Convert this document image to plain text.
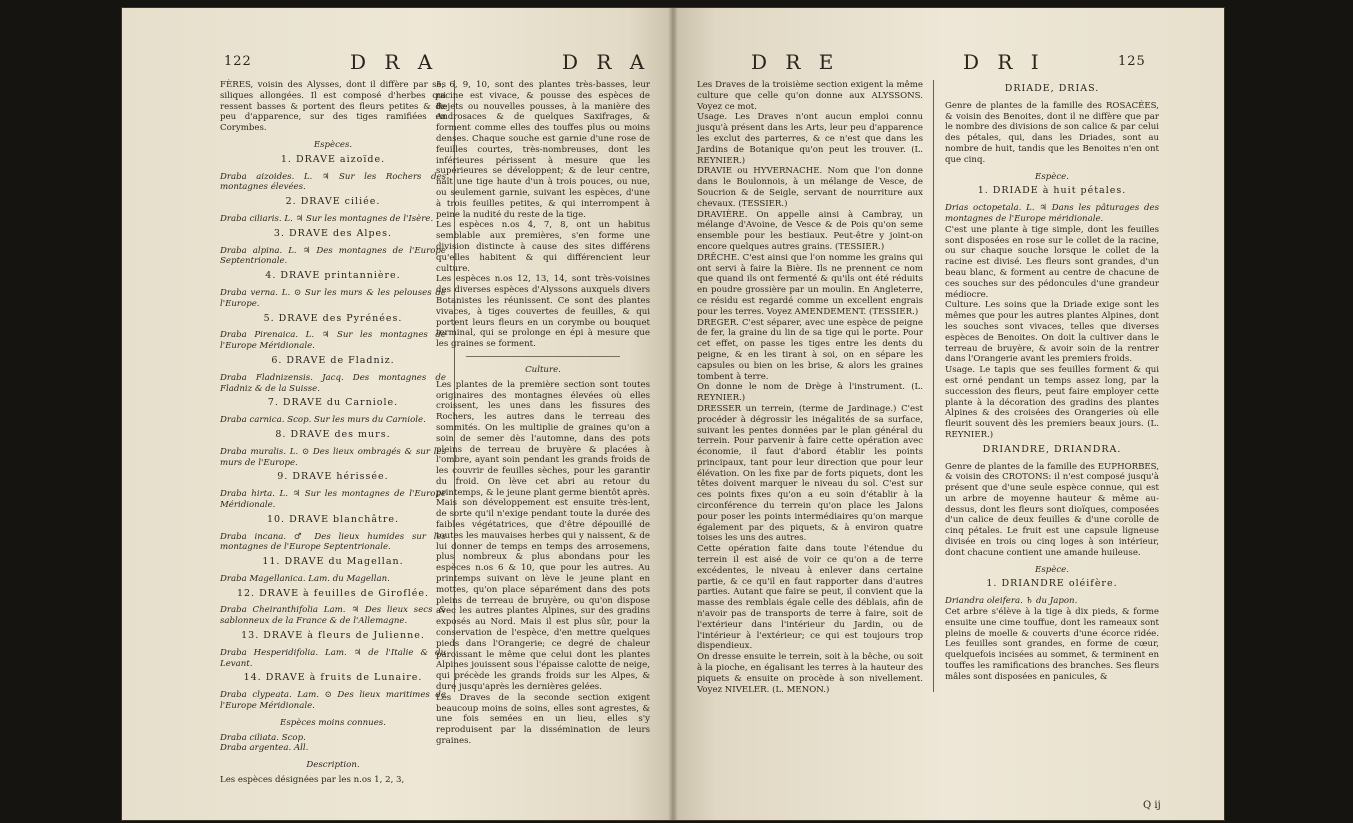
122	D R A	D R A

FÈRES, voisin des Alysses, dont il diffère par ses siliques allongées. Il est composé d'herbes qui ressent basses & portent des fleurs petites & de peu d'apparence, sur des tiges ramifiées en Corymbes.

Espèces.

1. DRAVE aizoïde.

Draba aizoides. L. ♃ Sur les Rochers des montagnes élevées.

2. DRAVE ciliée.

Draba ciliaris. L. ♃ Sur les montagnes de l'Isère.

3. DRAVE des Alpes.

Draba alpina. L. ♃ Des montagnes de l'Europe Septentrionale.

4. DRAVE printannière.

Draba verna. L. ⊙ Sur les murs & les pelouses de l'Europe.

5. DRAVE des Pyrénées.

Draba Pirenaica. L. ♃ Sur les montagnes de l'Europe Méridionale.

6. DRAVE de Fladniz.

Draba Fladnizensis. Jacq. Des montagnes de Fladniz & de la Suisse.

7. DRAVE du Carniole.

Draba carnica. Scop. Sur les murs du Carniole.

8. DRAVE des murs.

Draba muralis. L. ⊙ Des lieux ombragés & sur les murs de l'Europe.

9. DRAVE hérissée.

Draba hirta. L. ♃ Sur les montagnes de l'Europe Méridionale.

10. DRAVE blanchâtre.

Draba incana. ♂ Des lieux humides sur les montagnes de l'Europe Septentrionale.

11. DRAVE du Magellan.

Draba Magellanica. Lam. du Magellan.

12. DRAVE à feuilles de Giroflée.

Draba Cheiranthifolia Lam. ♃ Des lieux secs & sablonneux de la France & de l'Allemagne.

13. DRAVE à fleurs de Julienne.

Draba Hesperidifolia. Lam. ♃ de l'Italie & du Levant.

14. DRAVE à fruits de Lunaire.

Draba clypeata. Lam. ⊙ Des lieux maritimes de l'Europe Méridionale.

Espèces moins connues.

Draba ciliata. Scop.

Draba argentea. All.

Description.

Les espèces désignées par les n.os 1, 2, 3,

5, 6, 9, 10, sont des plantes très-basses, leur racine est vivace, & pousse des espèces de Rejets ou nouvelles pousses, à la manière des Androsaces & de quelques Saxifrages, & forment comme elles des touffes plus ou moins denses. Chaque souche est garnie d'une rose de feuilles courtes, très-nombreuses, dont les inférieures périssent à mesure que les supérieures se développent; & de leur centre, naît une tige haute d'un à trois pouces, ou nue, ou seulement garnie, suivant les espèces, d'une à trois feuilles petites, & qui interrompent à peine la nudité du reste de la tige.

Les espèces n.os 4, 7, 8, ont un habitus semblable aux premières, s'en forme une division distincte à cause des sites différens qu'elles habitent & qui différencient leur culture.

Les espèces n.os 12, 13, 14, sont très-voisines des diverses espèces d'Alyssons auxquels divers Botanistes les réunissent. Ce sont des plantes vivaces, à tiges couvertes de feuilles, & qui portent leurs fleurs en un corymbe ou bouquet terminal, qui se prolonge en épi à mesure que les graines se forment.

Culture.

Les plantes de la première section sont toutes originaires des montagnes élevées où elles croissent, les unes dans les fissures des Rochers, les autres dans le terreau des sommités. On les multiplie de graines qu'on a soin de semer dès l'automne, dans des pots pleins de terreau de bruyère & placées à l'ombre, ayant soin pendant les grands froids de les couvrir de feuilles sèches, pour les garantir du froid. On lève cet abri au retour du printemps, & le jeune plant germe bientôt après. Mais son développement est ensuite très-lent, de sorte qu'il n'exige pendant toute la durée des faibles végétatrices, que d'être dépouillé de toutes les mauvaises herbes qui y naissent, & de lui donner de temps en temps des arrosemens, plus nombreux & plus abondans pour les espèces n.os 6 & 10, que pour les autres. Au printemps suivant on lève le jeune plant en mottes, qu'on place séparément dans des pots pleins de terreau de bruyère, ou qu'on dispose avec les autres plantes Alpines, sur des gradins exposés au Nord. Mais il est plus sûr, pour la conservation de l'espèce, d'en mettre quelques pieds dans l'Orangerie; ce degré de chaleur paroissant le même que celui dont les plantes Alpines jouissent sous l'épaisse calotte de neige, qui précède les grands froids sur les Alpes, & dure jusqu'après les dernières gelées.

Les Draves de la seconde section exigent beaucoup moins de soins, elles sont agrestes, & une fois semées en un lieu, elles s'y reproduisent par la dissémination de leurs graines.

D R E	D R I	125

Les Draves de la troisième section exigent la même culture que celle qu'on donne aux ALYSSONS. Voyez ce mot.

Usage. Les Draves n'ont aucun emploi connu jusqu'à présent dans les Arts, leur peu d'apparence les exclut des parterres, & ce n'est que dans les Jardins de Botanique qu'on peut les trouver. (L. REYNIER.)

DRAVIE ou HYVERNACHE. Nom que l'on donne dans le Boulonnois, à un mélange de Vesce, de Soucrion & de Seigle, servant de nourriture aux chevaux. (TESSIER.)

DRAVIÈRE. On appelle ainsi à Cambray, un mélange d'Avoine, de Vesce & de Pois qu'on seme ensemble pour les bestiaux. Peut-être y joint-on encore quelques autres grains. (TESSIER.)

DRÊCHE. C'est ainsi que l'on nomme les grains qui ont servi à faire la Bière. Ils ne prennent ce nom que quand ils ont fermenté & qu'ils ont été réduits en poudre grossière par un moulin. En Angleterre, ce résidu est regardé comme un excellent engrais pour les terres. Voyez AMENDEMENT. (TESSIER.)

DREGER. C'est séparer, avec une espèce de peigne de fer, la graine du lin de sa tige qui le porte. Pour cet effet, on passe les tiges entre les dents du peigne, & en les tirant à soi, on en sépare les capsules ou bien on les brise, & alors les graines tombent à terre.

On donne le nom de Drège à l'instrument. (L. REYNIER.)

DRESSER un terrein, (terme de Jardinage.) C'est procéder à dégrossir les inégalités de sa surface, suivant les pentes données par le plan général du terrein. Pour parvenir à faire cette opération avec économie, il faut d'abord établir les points principaux, tant pour leur direction que pour leur élévation. On les fixe par de forts piquets, dont les têtes doivent marquer le niveau du sol. C'est sur ces points fixes qu'on a eu soin d'établir à la circonférence du terrein qu'on place les Jalons pour poser les points intermédiaires qu'on marque également par des piquets, & à environ quatre toises les uns des autres.

Cette opération faite dans toute l'étendue du terrein il est aisé de voir ce qu'on a de terre excédentes, le niveau à enlever dans certaine partie, & ce qu'il en faut rapporter dans d'autres parties. Autant que faire se peut, il convient que la masse des remblais égale celle des déblais, afin de n'avoir pas de transports de terre à faire, soit de l'extérieur dans l'intérieur du Jardin, ou de l'intérieur à l'extérieur; ce qui est toujours trop dispendieux.

On dresse ensuite le terrein, soit à la bêche, ou soit à la pioche, en égalisant les terres à la hauteur des piquets & ensuite on procède à son nivellement. Voyez NIVELER. (L. MENON.)

DRIADE, DRIAS.

Genre de plantes de la famille des ROSACÉES, & voisin des Benoites, dont il ne diffère que par le nombre des divisions de son calice & par celui des pétales, qui, dans les Driades, sont au nombre de huit, tandis que les Benoites n'en ont que cinq.

Espèce.

1. DRIADE à huit pétales.

Drias octopetala. L. ♃ Dans les pâturages des montagnes de l'Europe méridionale.

C'est une plante à tige simple, dont les feuilles sont disposées en rose sur le collet de la racine, ou sur chaque souche lorsque le collet de la racine est divisé. Les fleurs sont grandes, d'un beau blanc, & forment au centre de chacune de ces souches sur des pédoncules d'une grandeur médiocre.

Culture. Les soins que la Driade exige sont les mêmes que pour les autres plantes Alpines, dont les souches sont vivaces, telles que diverses espèces de Benoites. On doit la cultiver dans le terreau de bruyère, & avoir soin de la rentrer dans l'Orangerie avant les premiers froids.

Usage. Le tapis que ses feuilles forment & qui est orné pendant un temps assez long, par la succession des fleurs, peut faire employer cette plante à la décoration des gradins des plantes Alpines & des croisées des Orangeries où elle fleurit souvent dès les premiers beaux jours. (L. REYNIER.)

DRIANDRE, DRIANDRA.

Genre de plantes de la famille des EUPHORBES, & voisin des CROTONS: il n'est composé jusqu'à présent que d'une seule espèce connue, qui est un arbre de moyenne hauteur & même au-dessus, dont les fleurs sont dioïques, composées d'un calice de deux feuilles & d'une corolle de cinq pétales. Le fruit est une capsule ligneuse divisée en trois ou cinq loges à son intérieur, dont chacune contient une amande huileuse.

Espèce.

1. DRIANDRE oléifère.

Driandra oleifera. ♄ du Japon.

Cet arbre s'élève à la tige à dix pieds, & forme ensuite une cime touffue, dont les rameaux sont pleins de moelle & couverts d'une écorce ridée. Les feuilles sont grandes, en forme de cœur, quelquefois incisées au sommet, & terminent en touffes les ramifications des branches. Ses fleurs mâles sont disposées en panicules, &

Q ij
